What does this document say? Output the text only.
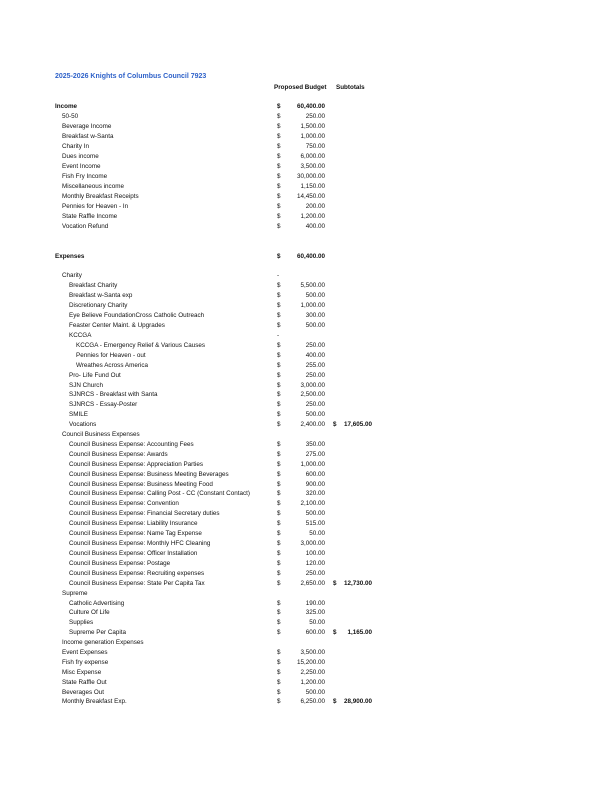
2025-2026 Knights of Columbus Council 7923
Proposed Budget Subtotals
Income	$	60,400.00
50-50	$	250.00
Beverage Income	$	1,500.00
Breakfast w-Santa	$	1,000.00
Charity In	$	750.00
Dues income	$	6,000.00
Event Income	$	3,500.00
Fish Fry Income	$	30,000.00
Miscellaneous income	$	1,150.00
Monthly Breakfast Receipts	$	14,450.00
Pennies for Heaven - In	$	200.00
State Raffle Income	$	1,200.00
Vocation Refund	$	400.00
Expenses	$	60,400.00
Charity	-
Breakfast Charity	$	5,500.00
Breakfast w-Santa exp	$	500.00
Discretionary Charity	$	1,000.00
Eye Believe FoundationCross Catholic Outreach	$	300.00
Feaster Center Maint. & Upgrades	$	500.00
KCCGA	-
KCCGA - Emergency Relief & Various Causes	$	250.00
Pennies for Heaven - out	$	400.00
Wreathes Across America	$	255.00
Pro- Life Fund Out	$	250.00
SJN Church	$	3,000.00
SJNRCS - Breakfast with Santa	$	2,500.00
SJNRCS - Essay-Poster	$	250.00
SMILE	$	500.00
Vocations	$	2,400.00 $	17,605.00
Council Business Expenses
Council Business Expense: Accounting Fees	$	350.00
Council Business Expense: Awards	$	275.00
Council Business Expense: Appreciation Parties	$	1,000.00
Council Business Expense: Business Meeting Beverages	$	600.00
Council Business Expense: Business Meeting Food	$	900.00
Council Business Expense: Calling Post - CC (Constant Contact)	$	320.00
Council Business Expense: Convention	$	2,100.00
Council Business Expense: Financial Secretary duties	$	500.00
Council Business Expense: Liability Insurance	$	515.00
Council Business Expense: Name Tag Expense	$	50.00
Council Business Expense: Monthly HFC Cleaning	$	3,000.00
Council Business Expense: Officer Installation	$	100.00
Council Business Expense: Postage	$	120.00
Council Business Expense: Recruiting expenses	$	250.00
Council Business Expense: State Per Capita Tax	$	2,650.00 $	12,730.00
Supreme
Catholic Advertising	$	190.00
Culture Of Life	$	325.00
Supplies	$	50.00
Supreme Per Capita	$	600.00 $	1,165.00
Income generation Expenses
Event Expenses	$	3,500.00
Fish fry expense	$	15,200.00
Misc Expense	$	2,250.00
State Raffle Out	$	1,200.00
Beverages Out	$	500.00
Monthly Breakfast Exp.	$	6,250.00 $	28,900.00
